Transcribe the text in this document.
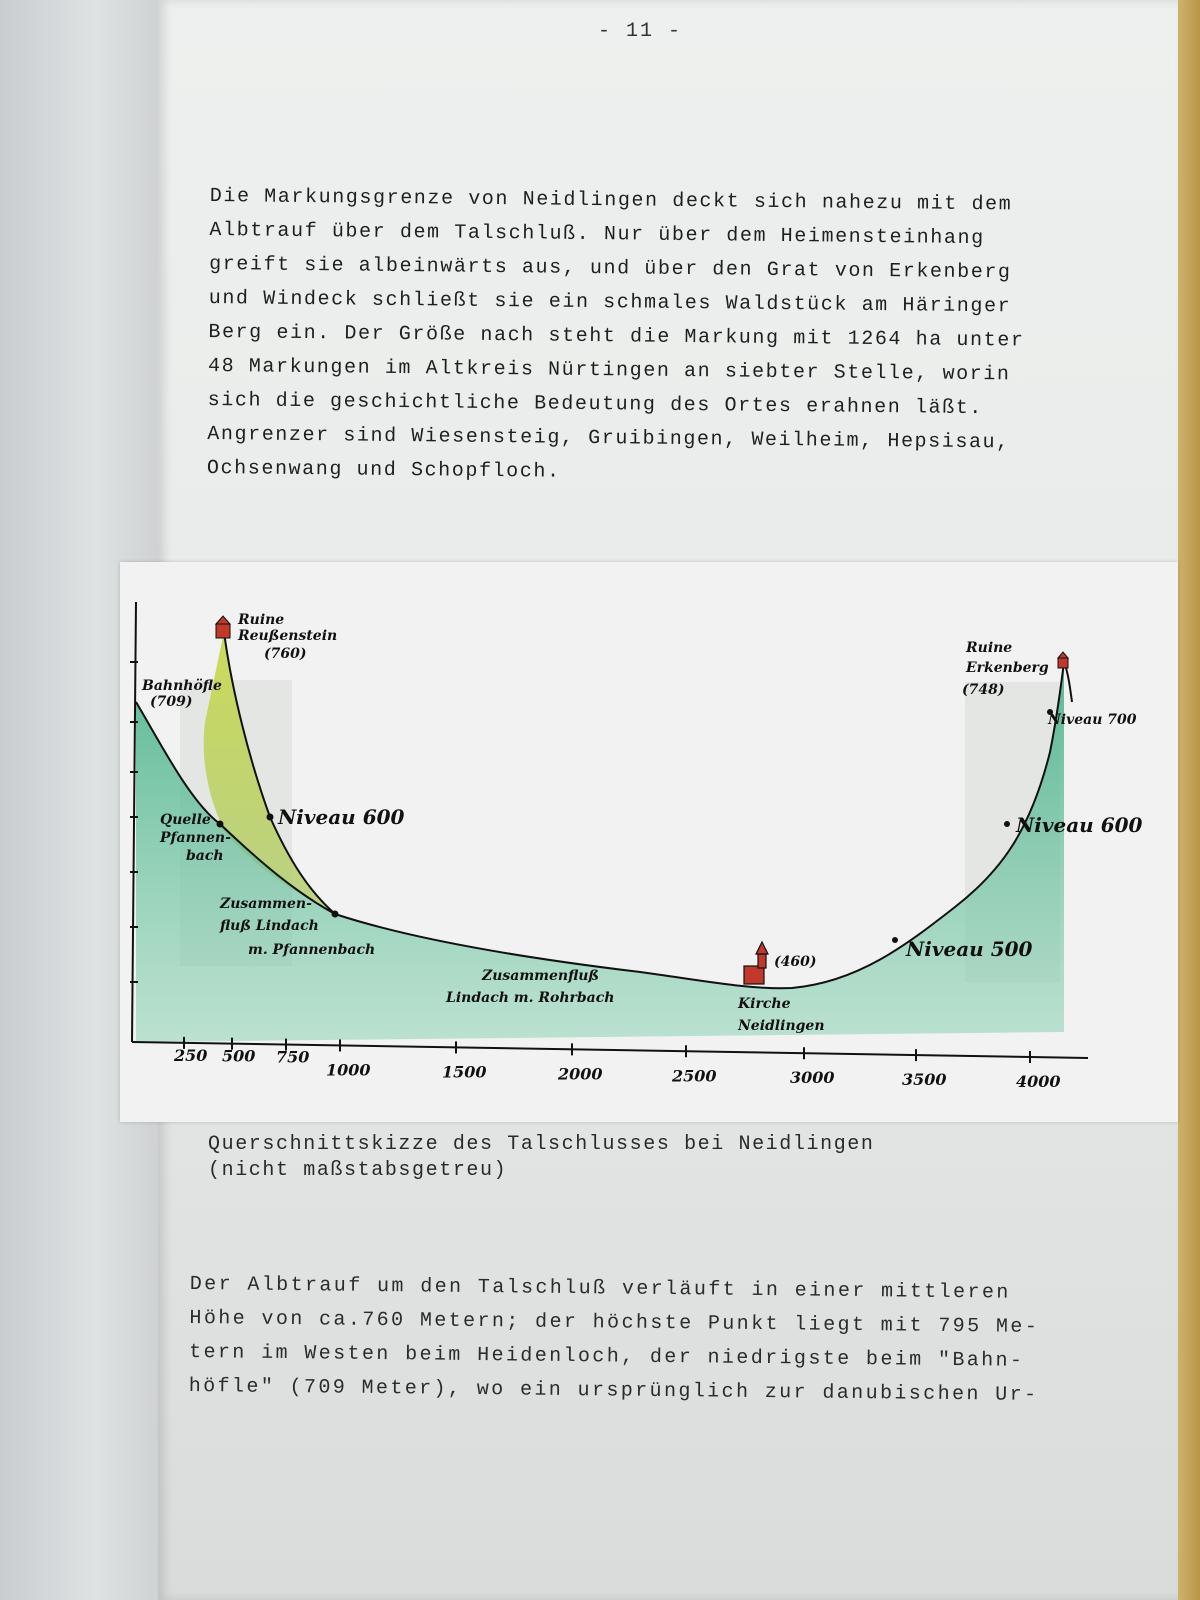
- 11 -
Die Markungsgrenze von Neidlingen deckt sich nahezu mit dem
Albtrauf über dem Talschluß. Nur über dem Heimensteinhang
greift sie albeinwärts aus, und über den Grat von Erkenberg
und Windeck schließt sie ein schmales Waldstück am Häringer
Berg ein. Der Größe nach steht die Markung mit 1264 ha unter
48 Markungen im Altkreis Nürtingen an siebter Stelle, worin
sich die geschichtliche Bedeutung des Ortes erahnen läßt.
Angrenzer sind Wiesensteig, Gruibingen, Weilheim, Hepsisau,
Ochsenwang und Schopfloch.
Querschnittskizze des Talschlusses bei Neidlingen
(nicht maßstabsgetreu)
Der Albtrauf um den Talschluß verläuft in einer mittleren
Höhe von ca.760 Metern; der höchste Punkt liegt mit 795 Me-
tern im Westen beim Heidenloch, der niedrigste beim "Bahn-
höfle" (709 Meter), wo ein ursprünglich zur danubischen Ur-
250 500 750
1000	1500	2000	2500	3000	3500	4000
Ruine Reußenstein (760)
Bahnhöfle (709)
Quelle Pfannen- bach
Niveau 600
Zusammen- fluß Lindach m. Pfannenbach
Zusammenfluß Lindach m. Rohrbach
(460)
Kirche Neidlingen
Niveau 500
Niveau 600
Niveau 700
Ruine Erkenberg (748)
